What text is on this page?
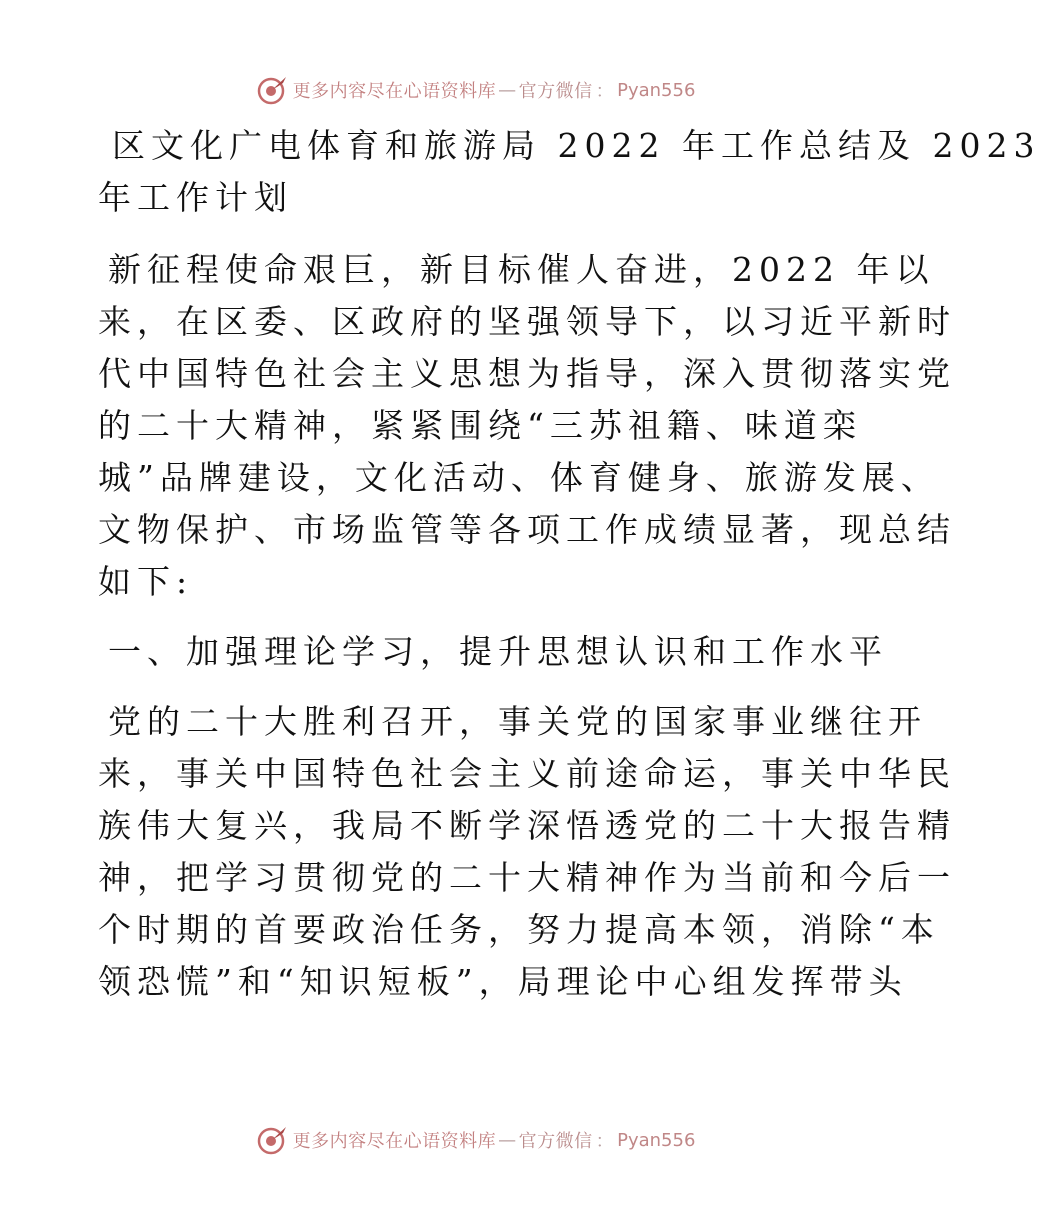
更多内容尽在心语资料库 — 官方微信 ： Pyan556
区文化广电体育和旅游局 2022 年工作总结及 2023
年工作计划
新征程使命艰巨，新目标催人奋进，2022 年以
来，在区委、区政府的坚强领导下，以习近平新时
代中国特色社会主义思想为指导，深入贯彻落实党
的二十大精神，紧紧围绕“三苏祖籍、味道栾
城”品牌建设，文化活动、体育健身、旅游发展、
文物保护、市场监管等各项工作成绩显著，现总结
如下:
一、加强理论学习，提升思想认识和工作水平
党的二十大胜利召开，事关党的国家事业继往开
来，事关中国特色社会主义前途命运，事关中华民
族伟大复兴，我局不断学深悟透党的二十大报告精
神，把学习贯彻党的二十大精神作为当前和今后一
个时期的首要政治任务，努力提高本领，消除“本
领恐慌”和“知识短板”，局理论中心组发挥带头
更多内容尽在心语资料库 — 官方微信 ： Pyan556
